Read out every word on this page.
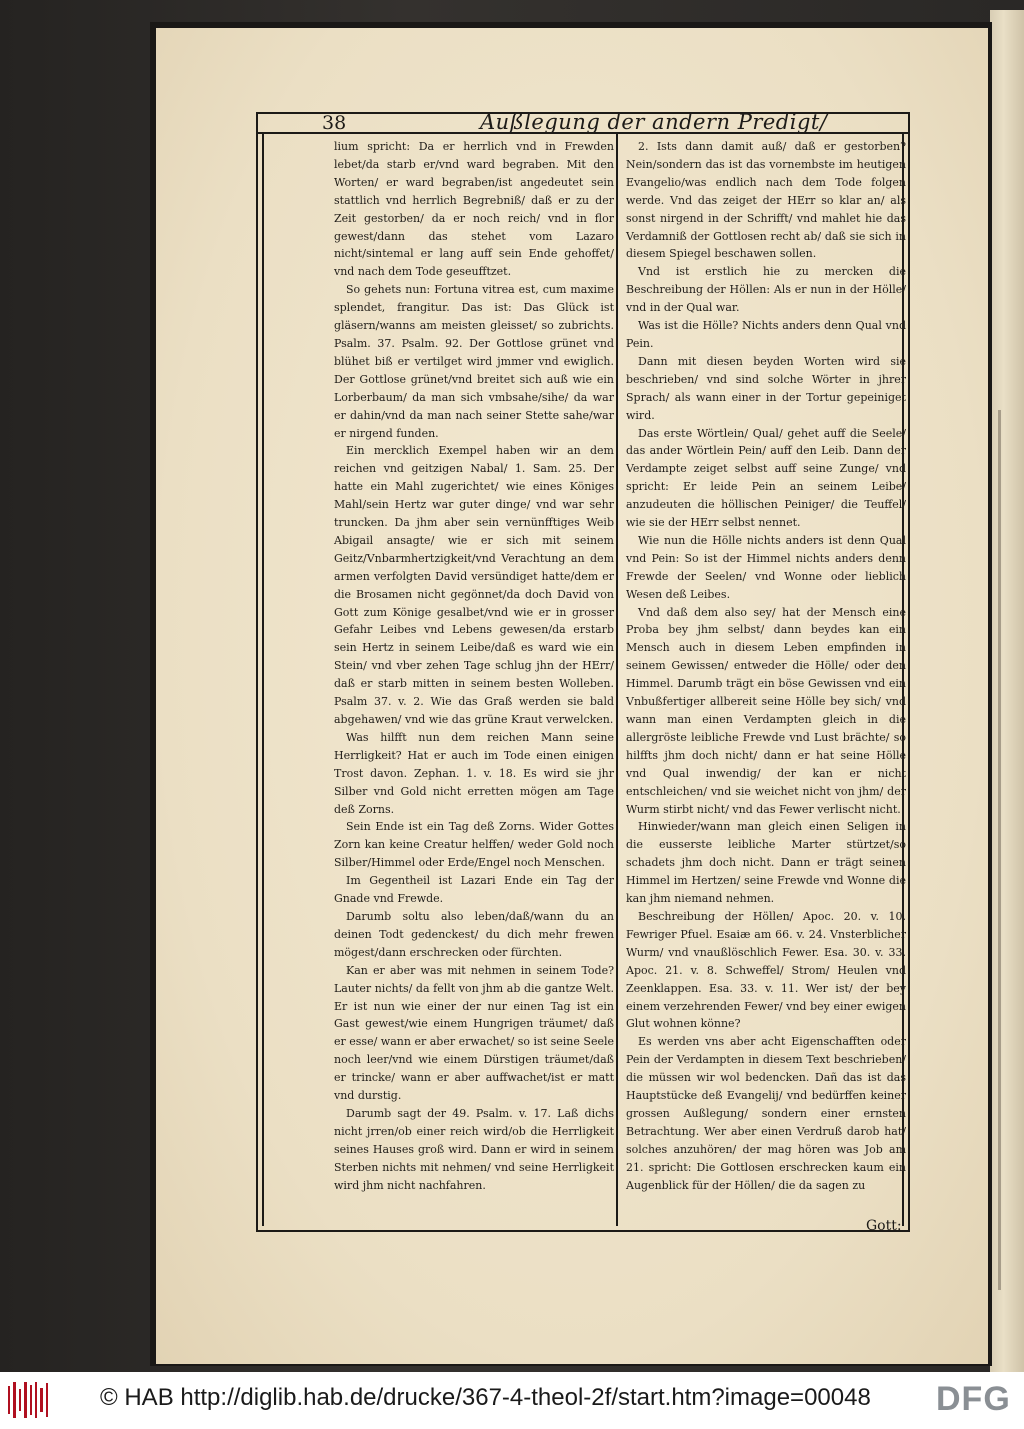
38	Außlegung der andern Predigt/

lium spricht: Da er herrlich vnd in Frewden lebet/da starb er/vnd ward begraben. Mit den Worten/ er ward begraben/ist angedeutet sein stattlich vnd herrlich Begrebniß/ daß er zu der Zeit gestorben/ da er noch reich/ vnd in flor gewest/dann das stehet vom Lazaro nicht/sintemal er lang auff sein Ende gehoffet/ vnd nach dem Tode geseufftzet.

So gehets nun: Fortuna vitrea est, cum maxime splendet, frangitur. Das ist: Das Glück ist gläsern/wanns am meisten gleisset/ so zubrichts. Psalm. 37. Psalm. 92. Der Gottlose grünet vnd blühet biß er vertilget wird jmmer vnd ewiglich. Der Gottlose grünet/vnd breitet sich auß wie ein Lorberbaum/ da man sich vmbsahe/sihe/ da war er dahin/vnd da man nach seiner Stette sahe/war er nirgend funden.

Ein mercklich Exempel haben wir an dem reichen vnd geitzigen Nabal/ 1. Sam. 25. Der hatte ein Mahl zugerichtet/ wie eines Königes Mahl/sein Hertz war guter dinge/ vnd war sehr truncken. Da jhm aber sein vernünfftiges Weib Abigail ansagte/ wie er sich mit seinem Geitz/Vnbarmhertzigkeit/vnd Verachtung an dem armen verfolgten David versündiget hatte/dem er die Brosamen nicht gegönnet/da doch David von Gott zum Könige gesalbet/vnd wie er in grosser Gefahr Leibes vnd Lebens gewesen/da erstarb sein Hertz in seinem Leibe/daß es ward wie ein Stein/ vnd vber zehen Tage schlug jhn der HErr/ daß er starb mitten in seinem besten Wolleben. Psalm 37. v. 2. Wie das Graß werden sie bald abgehawen/ vnd wie das grüne Kraut verwelcken.

Was hilfft nun dem reichen Mann seine Herrligkeit? Hat er auch im Tode einen einigen Trost davon. Zephan. 1. v. 18. Es wird sie jhr Silber vnd Gold nicht erretten mögen am Tage deß Zorns.

Sein Ende ist ein Tag deß Zorns. Wider Gottes Zorn kan keine Creatur helffen/ weder Gold noch Silber/Himmel oder Erde/Engel noch Menschen.

Im Gegentheil ist Lazari Ende ein Tag der Gnade vnd Frewde.

Darumb soltu also leben/daß/wann du an deinen Todt gedenckest/ du dich mehr frewen mögest/dann erschrecken oder fürchten.

Kan er aber was mit nehmen in seinem Tode? Lauter nichts/ da fellt von jhm ab die gantze Welt. Er ist nun wie einer der nur einen Tag ist ein Gast gewest/wie einem Hungrigen träumet/ daß er esse/ wann er aber erwachet/ so ist seine Seele noch leer/vnd wie einem Dürstigen träumet/daß er trincke/ wann er aber auffwachet/ist er matt vnd durstig.

Darumb sagt der 49. Psalm. v. 17. Laß dichs nicht jrren/ob einer reich wird/ob die Herrligkeit seines Hauses groß wird. Dann er wird in seinem Sterben nichts mit nehmen/ vnd seine Herrligkeit wird jhm nicht nachfahren.

2. Ists dann damit auß/ daß er gestorben? Nein/sondern das ist das vornembste im heutigen Evangelio/was endlich nach dem Tode folgen werde. Vnd das zeiget der HErr so klar an/ als sonst nirgend in der Schrifft/ vnd mahlet hie das Verdamniß der Gottlosen recht ab/ daß sie sich in diesem Spiegel beschawen sollen.

Vnd ist erstlich hie zu mercken die Beschreibung der Höllen: Als er nun in der Hölle/ vnd in der Qual war.

Was ist die Hölle? Nichts anders denn Qual vnd Pein.

Dann mit diesen beyden Worten wird sie beschrieben/ vnd sind solche Wörter in jhrer Sprach/ als wann einer in der Tortur gepeiniget wird.

Das erste Wörtlein/ Qual/ gehet auff die Seele/ das ander Wörtlein Pein/ auff den Leib. Dann der Verdampte zeiget selbst auff seine Zunge/ vnd spricht: Er leide Pein an seinem Leibe/ anzudeuten die höllischen Peiniger/ die Teuffel/ wie sie der HErr selbst nennet.

Wie nun die Hölle nichts anders ist denn Qual vnd Pein: So ist der Himmel nichts anders denn Frewde der Seelen/ vnd Wonne oder lieblich Wesen deß Leibes.

Vnd daß dem also sey/ hat der Mensch eine Proba bey jhm selbst/ dann beydes kan ein Mensch auch in diesem Leben empfinden in seinem Gewissen/ entweder die Hölle/ oder den Himmel. Darumb trägt ein böse Gewissen vnd ein Vnbußfertiger allbereit seine Hölle bey sich/ vnd wann man einen Verdampten gleich in die allergröste leibliche Frewde vnd Lust brächte/ so hilffts jhm doch nicht/ dann er hat seine Hölle vnd Qual inwendig/ der kan er nicht entschleichen/ vnd sie weichet nicht von jhm/ der Wurm stirbt nicht/ vnd das Fewer verlischt nicht.

Hinwieder/wann man gleich einen Seligen in die eusserste leibliche Marter stürtzet/so schadets jhm doch nicht. Dann er trägt seinen Himmel im Hertzen/ seine Frewde vnd Wonne die kan jhm niemand nehmen.

Beschreibung der Höllen/ Apoc. 20. v. 10. Fewriger Pfuel. Esaiæ am 66. v. 24. Vnsterblicher Wurm/ vnd vnaußlöschlich Fewer. Esa. 30. v. 33. Apoc. 21. v. 8. Schweffel/ Strom/ Heulen vnd Zeenklappen. Esa. 33. v. 11. Wer ist/ der bey einem verzehrenden Fewer/ vnd bey einer ewigen Glut wohnen könne?

Es werden vns aber acht Eigenschafften oder Pein der Verdampten in diesem Text beschrieben/ die müssen wir wol bedencken. Dañ das ist das Hauptstücke deß Evangelij/ vnd bedürffen keiner grossen Außlegung/ sondern einer ernsten Betrachtung. Wer aber einen Verdruß darob hat/ solches anzuhören/ der mag hören was Job am 21. spricht: Die Gottlosen erschrecken kaum ein Augenblick für der Höllen/ die da sagen zu

Gott:
© HAB http://diglib.hab.de/drucke/367-4-theol-2f/start.htm?image=00048 DFG
